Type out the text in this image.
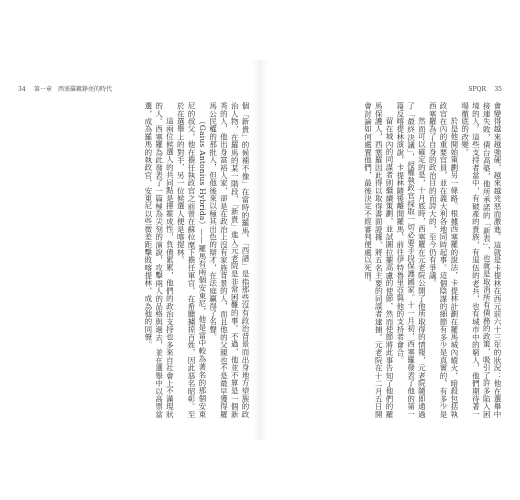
34 第一章 西塞羅鍍錚亮的時代

個「新貴」的候補不像」在當時的羅馬，「西譜」是指那些沒有政治背景而出身地方望族的政治人物，在羅馬的某一階段，「新貴」進入元老院是非常困難的事。不過，他並不算是一個新秀的人，他出身富裕人家，卻是在政治上沒有家族背景的人，而且他的父親也不是最早獲得羅馬公民權的那批人，但他後來以極其出色的辯才，在法庭贏得了名聲。

（Gaius Antonius Hybrida）——羅馬有兩個安東尼，他是當中較為著名的那個安東尼的叔父，他在擔任執政官之前曾在蘇拉麾下擔任軍官，在希臘擄掠百姓，因此惡名昭彰。至於在選舉上的對手，另一位候選人便是喀提林。

這兩位候選人的共同點是揮霍成性，負債累累，他們的政治支持也多來自社會上不滿現狀的人。西塞羅為此發表了一篇極為尖刻的演說，攻擊兩人的品格與過去，並在選舉中以高票當選，成為羅馬的執政官，安東尼以些微差距擊敗喀提林，成為他的同僚。

SPQR 35

會變得越來越強硬，越來越兇惡而激進。這就是卡提林在西元前六十三年的狀況：他在選舉中接連失敗，債台高築，他所承諾的「新表」，也就是取消所有債務的政策，吸引了許多陷入困境的人。這些支持者當中，有破產的貴族，有退伍的老兵，也有城市中的窮人，他們期待著一場徹底的改變。

於是他開始策劃另一條路。根據西塞羅的說法，卡提林計劃在羅馬城內縱火，暗殺包括執政官在內的重要官員，並在義大利各地同時起事。這個陰謀的細節有多少是真實的，有多少是西塞羅為了自身的政治目的而誇大的，至今仍有爭議。

然而可以確定的是，十月底時，西塞羅在元老院公開了他所取得的情報，元老院隨即通過了「最終決議」，授權執政官採取一切必要手段保護國家。十一月初，西塞羅發表了他的第一篇反喀提林演說，卡提林隨後離開羅馬，前往伊特魯里亞與他的支持者會合。

留在城內的同謀者則繼續策劃，並試圖拉攏高盧的使節，然而使節將此事告知了他們的羅馬保護人，西塞羅因此得以取得書面證據，將五名主要的同謀者逮捕。元老院在十二月五日開會討論如何處置他們，最後決定不經審判便處以死刑。
